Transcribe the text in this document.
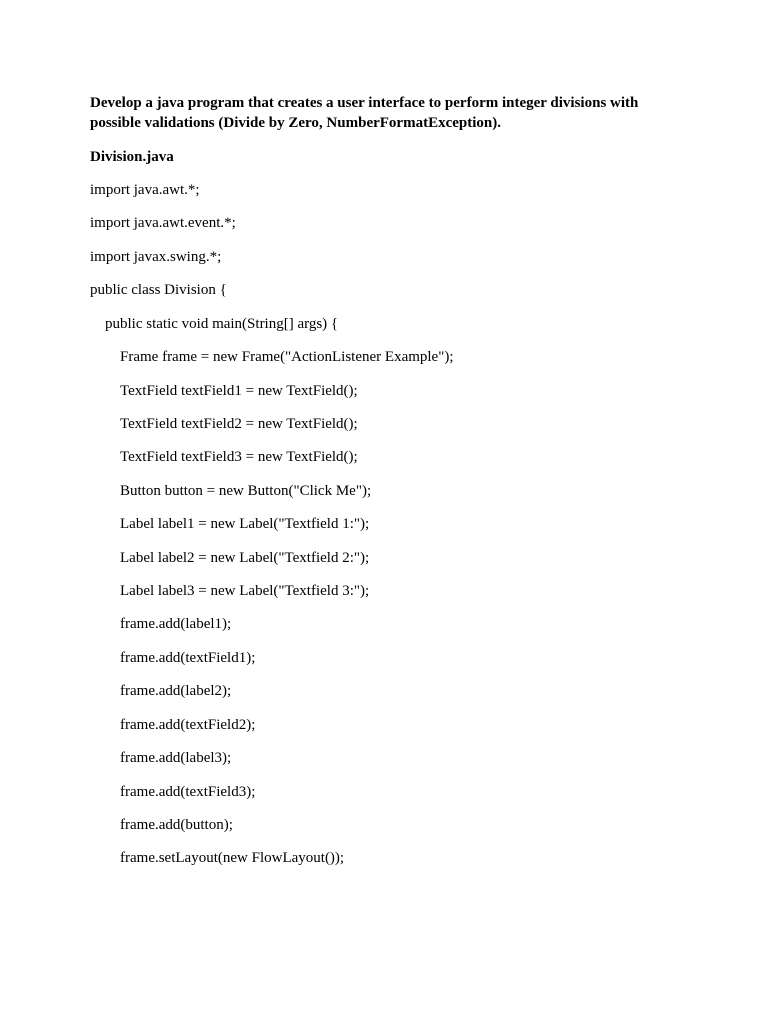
Develop a java program that creates a user interface to perform integer divisions with
possible validations (Divide by Zero, NumberFormatException).
Division.java
import java.awt.*;
import java.awt.event.*;
import javax.swing.*;
public class Division {
public static void main(String[] args) {
Frame frame = new Frame("ActionListener Example");
TextField textField1 = new TextField();
TextField textField2 = new TextField();
TextField textField3 = new TextField();
Button button = new Button("Click Me");
Label label1 = new Label("Textfield 1:");
Label label2 = new Label("Textfield 2:");
Label label3 = new Label("Textfield 3:");
frame.add(label1);
frame.add(textField1);
frame.add(label2);
frame.add(textField2);
frame.add(label3);
frame.add(textField3);
frame.add(button);
frame.setLayout(new FlowLayout());
